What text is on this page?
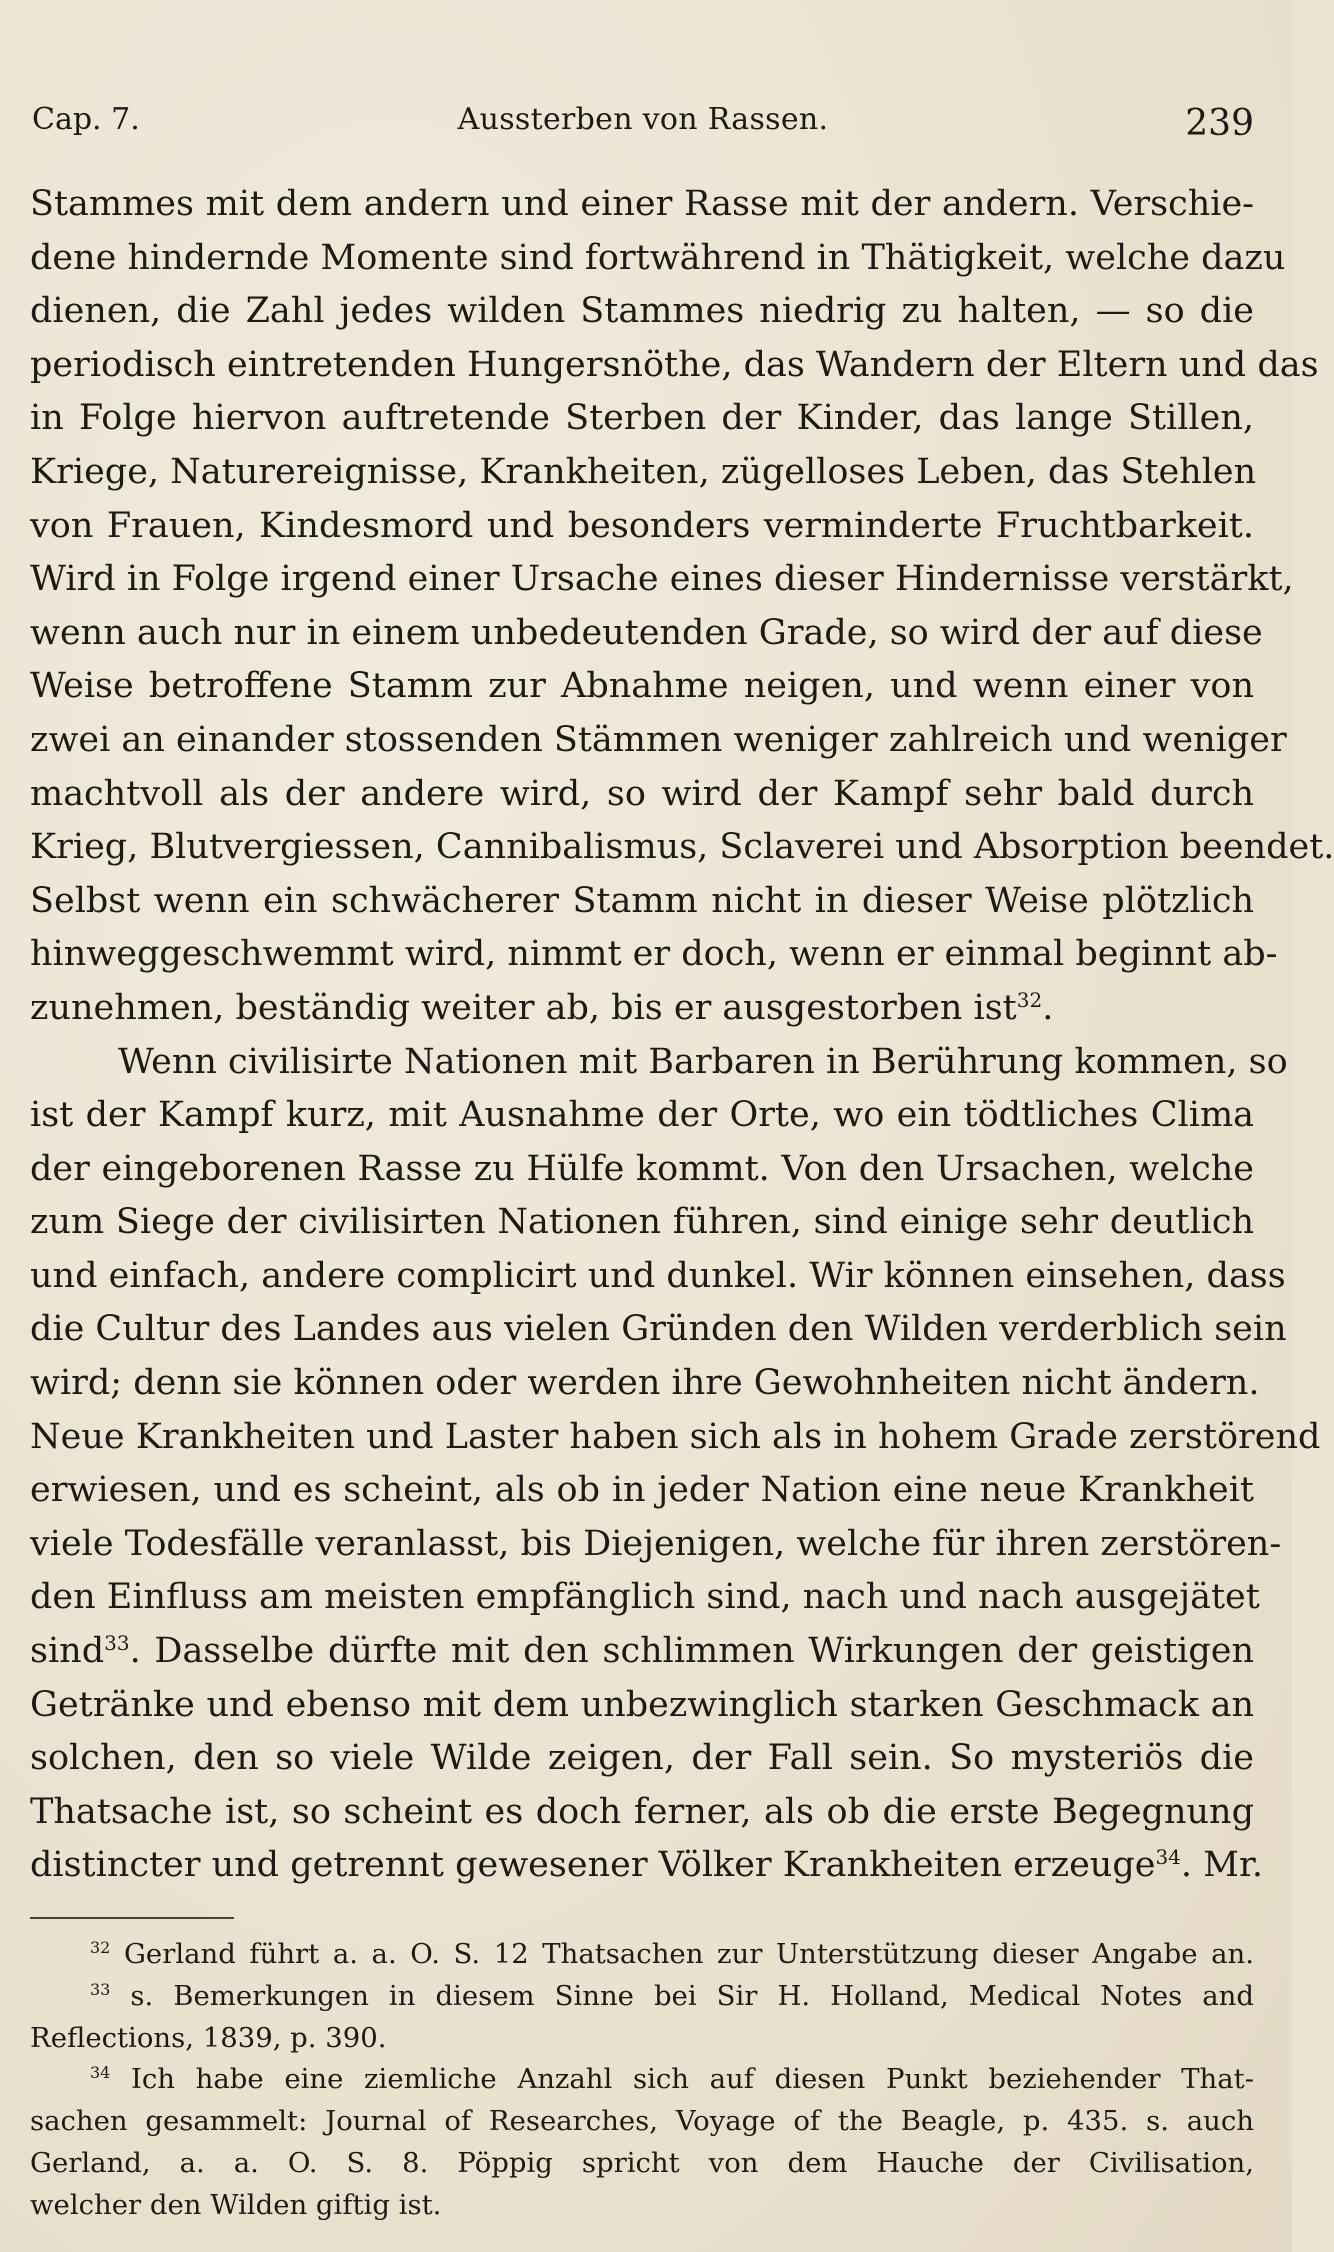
Cap. 7.	Aussterben von Rassen.	239
Stammes mit dem andern und einer Rasse mit der andern. Verschie-
dene hindernde Momente sind fortwährend in Thätigkeit, welche dazu
dienen, die Zahl jedes wilden Stammes niedrig zu halten, — so die
periodisch eintretenden Hungersnöthe, das Wandern der Eltern und das
in Folge hiervon auftretende Sterben der Kinder, das lange Stillen,
Kriege, Naturereignisse, Krankheiten, zügelloses Leben, das Stehlen
von Frauen, Kindesmord und besonders verminderte Fruchtbarkeit.
Wird in Folge irgend einer Ursache eines dieser Hindernisse verstärkt,
wenn auch nur in einem unbedeutenden Grade, so wird der auf diese
Weise betroffene Stamm zur Abnahme neigen, und wenn einer von
zwei an einander stossenden Stämmen weniger zahlreich und weniger
machtvoll als der andere wird, so wird der Kampf sehr bald durch
Krieg, Blutvergiessen, Cannibalismus, Sclaverei und Absorption beendet.
Selbst wenn ein schwächerer Stamm nicht in dieser Weise plötzlich
hinweggeschwemmt wird, nimmt er doch, wenn er einmal beginnt ab-
zunehmen, beständig weiter ab, bis er ausgestorben ist$^{32}$.
Wenn civilisirte Nationen mit Barbaren in Berührung kommen, so
ist der Kampf kurz, mit Ausnahme der Orte, wo ein tödtliches Clima
der eingeborenen Rasse zu Hülfe kommt. Von den Ursachen, welche
zum Siege der civilisirten Nationen führen, sind einige sehr deutlich
und einfach, andere complicirt und dunkel. Wir können einsehen, dass
die Cultur des Landes aus vielen Gründen den Wilden verderblich sein
wird; denn sie können oder werden ihre Gewohnheiten nicht ändern.
Neue Krankheiten und Laster haben sich als in hohem Grade zerstörend
erwiesen, und es scheint, als ob in jeder Nation eine neue Krankheit
viele Todesfälle veranlasst, bis Diejenigen, welche für ihren zerstören-
den Einfluss am meisten empfänglich sind, nach und nach ausgejätet
sind$^{33}$. Dasselbe dürfte mit den schlimmen Wirkungen der geistigen
Getränke und ebenso mit dem unbezwinglich starken Geschmack an
solchen, den so viele Wilde zeigen, der Fall sein. So mysteriös die
Thatsache ist, so scheint es doch ferner, als ob die erste Begegnung
distincter und getrennt gewesener Völker Krankheiten erzeuge$^{34}$. Mr.
$^{32}$ Gerland führt a. a. O. S. 12 Thatsachen zur Unterstützung dieser Angabe an.
$^{33}$ s. Bemerkungen in diesem Sinne bei Sir H. Holland, Medical Notes and
Reflections, 1839, p. 390.
$^{34}$ Ich habe eine ziemliche Anzahl sich auf diesen Punkt beziehender That-
sachen gesammelt: Journal of Researches, Voyage of the Beagle, p. 435. s. auch
Gerland, a. a. O. S. 8. Pöppig spricht von dem Hauche der Civilisation,
welcher den Wilden giftig ist.
